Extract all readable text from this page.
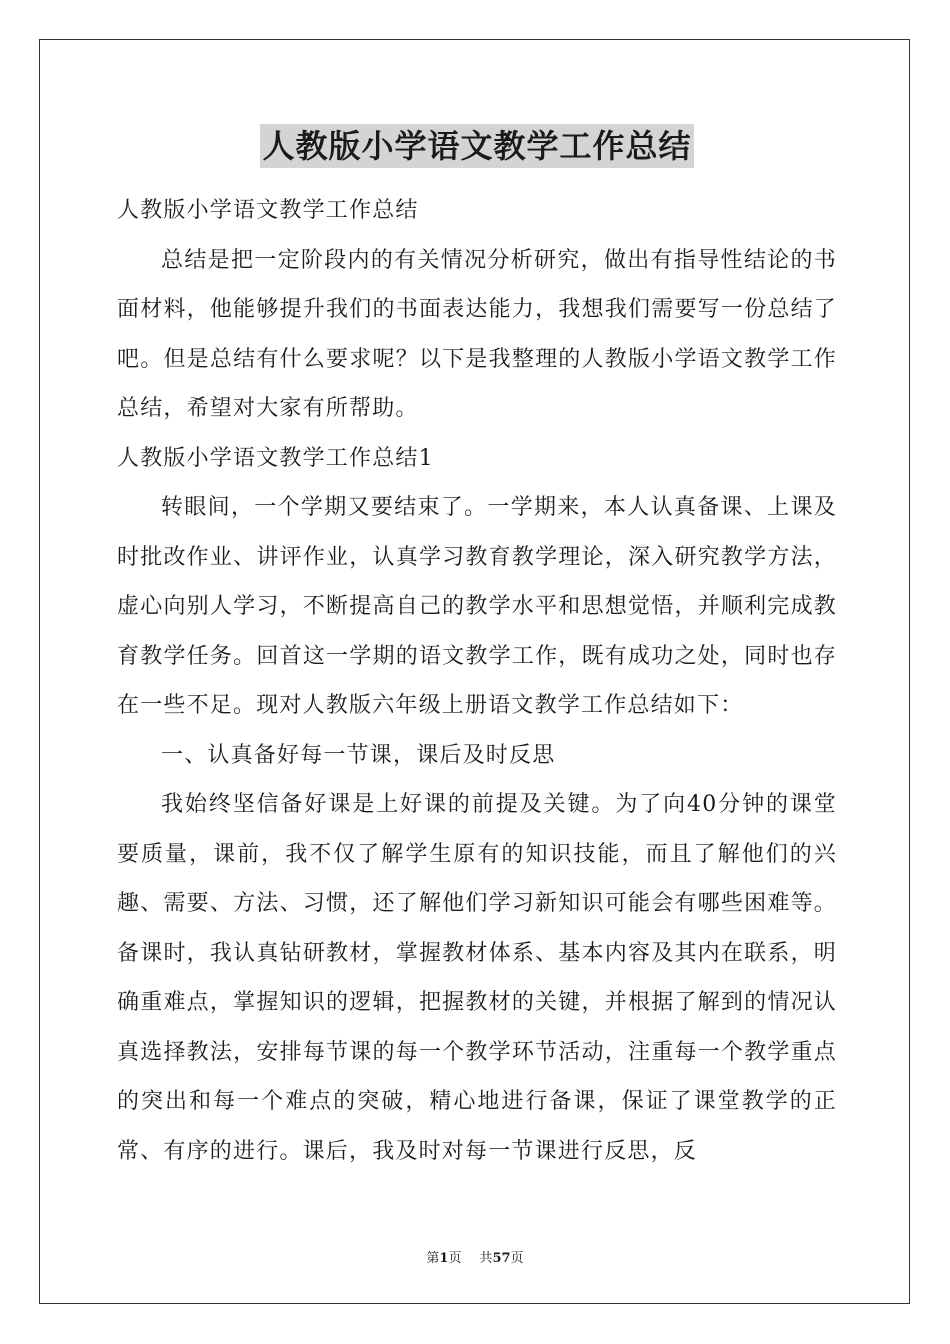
人教版小学语文教学工作总结

人教版小学语文教学工作总结

总结是把一定阶段内的有关情况分析研究，做出有指导性结论的书面材料，他能够提升我们的书面表达能力，我想我们需要写一份总结了吧。但是总结有什么要求呢？以下是我整理的人教版小学语文教学工作总结，希望对大家有所帮助。

人教版小学语文教学工作总结1

转眼间，一个学期又要结束了。一学期来，本人认真备课、上课及时批改作业、讲评作业，认真学习教育教学理论，深入研究教学方法，虚心向别人学习，不断提高自己的教学水平和思想觉悟，并顺利完成教育教学任务。回首这一学期的语文教学工作，既有成功之处，同时也存在一些不足。现对人教版六年级上册语文教学工作总结如下：

一、认真备好每一节课，课后及时反思

我始终坚信备好课是上好课的前提及关键。为了向40分钟的课堂要质量，课前，我不仅了解学生原有的知识技能，而且了解他们的兴趣、需要、方法、习惯，还了解他们学习新知识可能会有哪些困难等。备课时，我认真钻研教材，掌握教材体系、基本内容及其内在联系，明确重难点，掌握知识的逻辑，把握教材的关键，并根据了解到的情况认真选择教法，安排每节课的每一个教学环节活动，注重每一个教学重点的突出和每一个难点的突破，精心地进行备课，保证了课堂教学的正常、有序的进行。课后，我及时对每一节课进行反思，反

第1页 共57页
